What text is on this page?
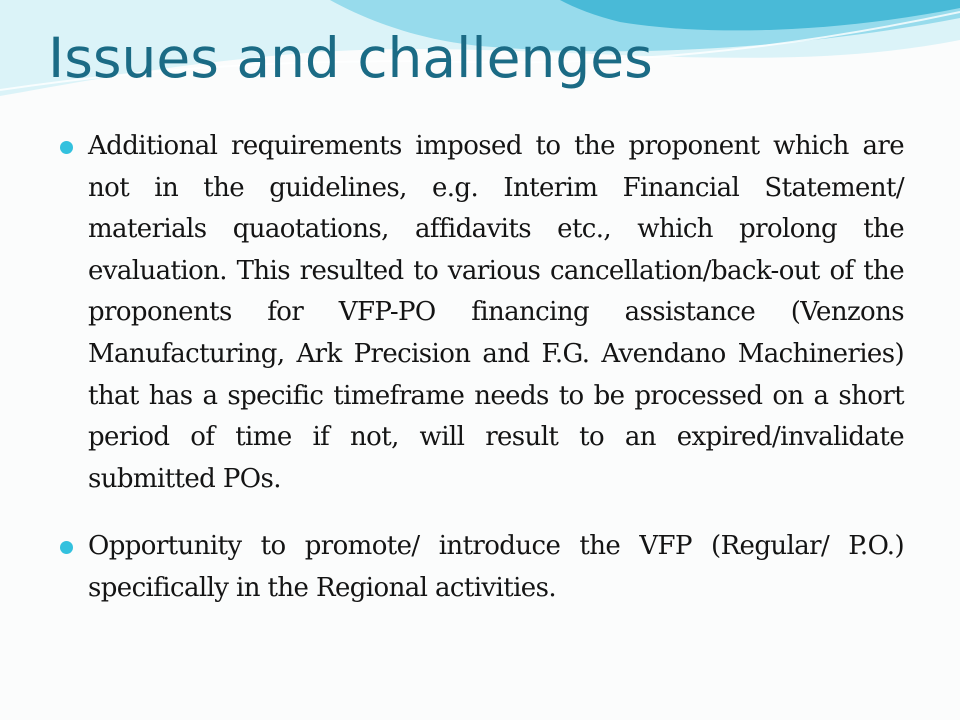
Issues and challenges
Additional requirements imposed to the proponent which are not in the guidelines, e.g. Interim Financial Statement/ materials quaotations, affidavits etc., which prolong the evaluation. This resulted to various cancellation/back-out of the proponents for VFP-PO financing assistance (Venzons Manufacturing, Ark Precision and F.G. Avendano Machineries) that has a specific timeframe needs to be processed on a short period of time if not, will result to an expired/invalidate submitted POs.
Opportunity to promote/ introduce the VFP (Regular/ P.O.) specifically in the Regional activities.
